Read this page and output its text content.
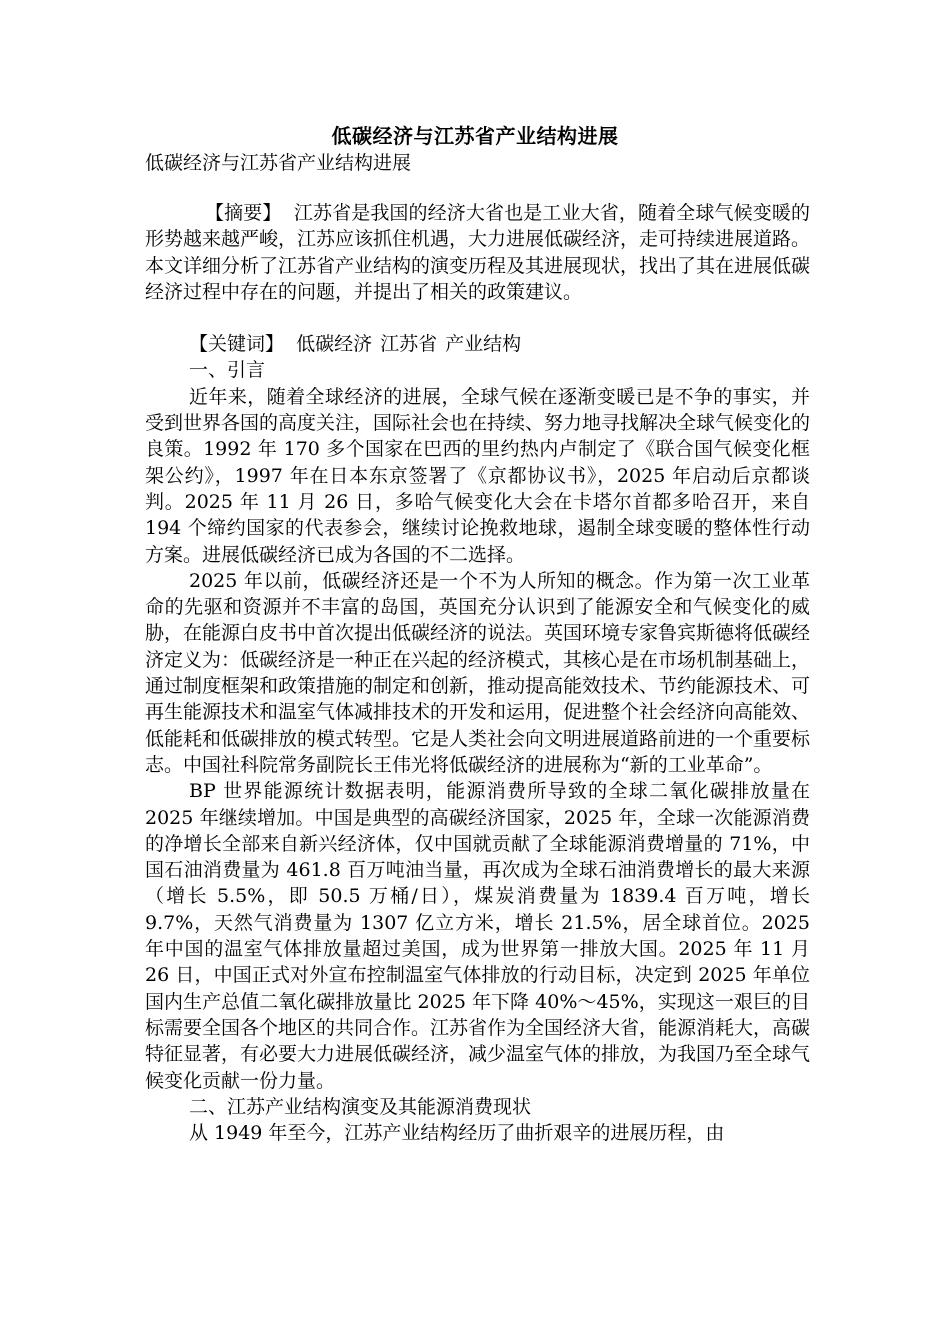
低碳经济与江苏省产业结构进展
低碳经济与江苏省产业结构进展

【摘要】 江苏省是我国的经济大省也是工业大省，随着全球气候变暖的形势越来越严峻，江苏应该抓住机遇，大力进展低碳经济，走可持续进展道路。本文详细分析了江苏省产业结构的演变历程及其进展现状，找出了其在进展低碳经济过程中存在的问题，并提出了相关的政策建议。

【关键词】 低碳经济 江苏省 产业结构

一、引言

近年来，随着全球经济的进展，全球气候在逐渐变暖已是不争的事实，并受到世界各国的高度关注，国际社会也在持续、努力地寻找解决全球气候变化的良策。1992 年 170 多个国家在巴西的里约热内卢制定了《联合国气候变化框架公约》，1997 年在日本东京签署了《京都协议书》，2025 年启动后京都谈判。2025 年 11 月 26 日，多哈气候变化大会在卡塔尔首都多哈召开，来自 194 个缔约国家的代表参会，继续讨论挽救地球，遏制全球变暖的整体性行动方案。进展低碳经济已成为各国的不二选择。

2025 年以前，低碳经济还是一个不为人所知的概念。作为第一次工业革命的先驱和资源并不丰富的岛国，英国充分认识到了能源安全和气候变化的威胁，在能源白皮书中首次提出低碳经济的说法。英国环境专家鲁宾斯德将低碳经济定义为：低碳经济是一种正在兴起的经济模式，其核心是在市场机制基础上，通过制度框架和政策措施的制定和创新，推动提高能效技术、节约能源技术、可再生能源技术和温室气体减排技术的开发和运用，促进整个社会经济向高能效、低能耗和低碳排放的模式转型。它是人类社会向文明进展道路前进的一个重要标志。中国社科院常务副院长王伟光将低碳经济的进展称为“新的工业革命”。

BP 世界能源统计数据表明，能源消费所导致的全球二氧化碳排放量在 2025 年继续增加。中国是典型的高碳经济国家，2025 年，全球一次能源消费的净增长全部来自新兴经济体，仅中国就贡献了全球能源消费增量的 71%，中国石油消费量为 461.8 百万吨油当量，再次成为全球石油消费增长的最大来源（增长 5.5%，即 50.5 万桶/日），煤炭消费量为 1839.4 百万吨，增长 9.7%，天然气消费量为 1307 亿立方米，增长 21.5%，居全球首位。2025 年中国的温室气体排放量超过美国，成为世界第一排放大国。2025 年 11 月 26 日，中国正式对外宣布控制温室气体排放的行动目标，决定到 2025 年单位国内生产总值二氧化碳排放量比 2025 年下降 40%～45%，实现这一艰巨的目标需要全国各个地区的共同合作。江苏省作为全国经济大省，能源消耗大，高碳特征显著，有必要大力进展低碳经济，减少温室气体的排放，为我国乃至全球气候变化贡献一份力量。

二、江苏产业结构演变及其能源消费现状

从 1949 年至今，江苏产业结构经历了曲折艰辛的进展历程，由
